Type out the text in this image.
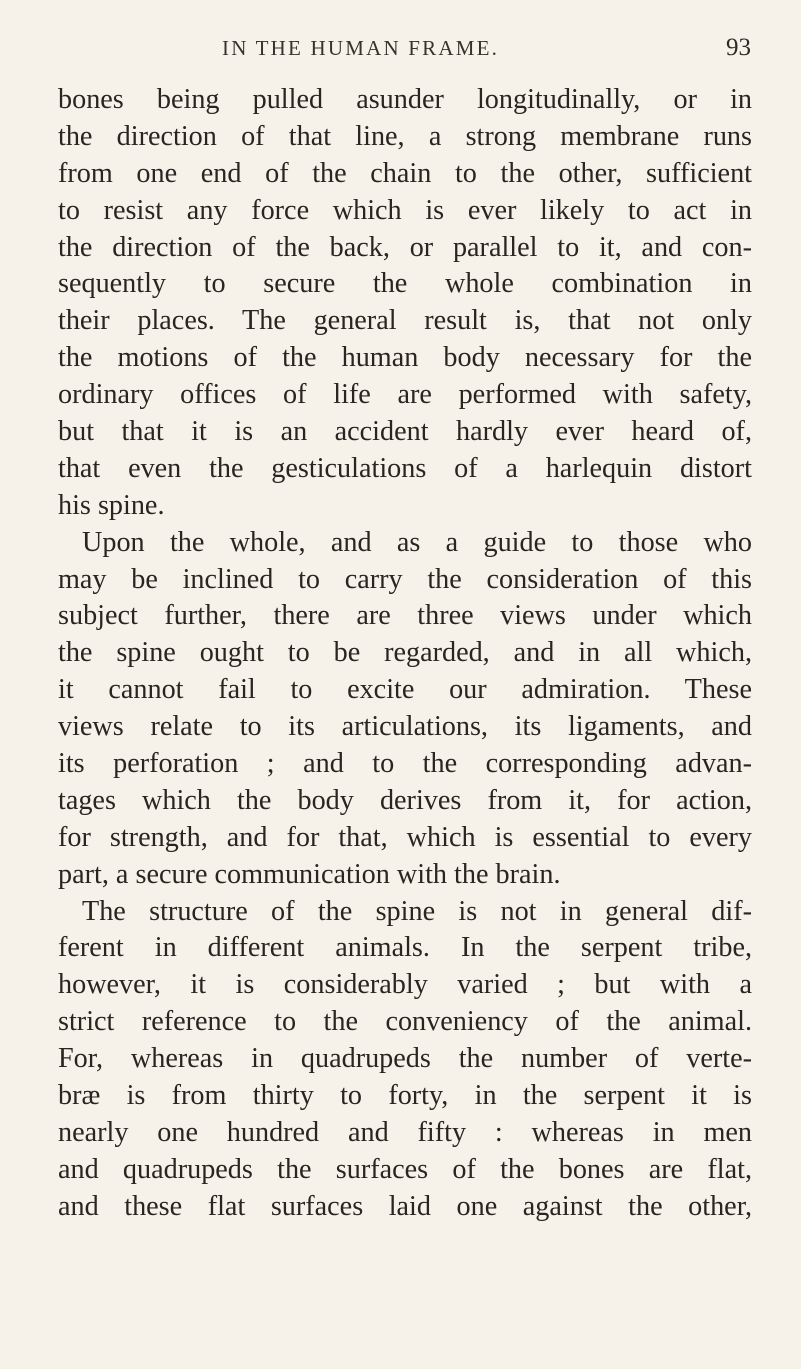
IN THE HUMAN FRAME.	93
bones being pulled asunder longitudinally, or in
the direction of that line, a strong membrane runs
from one end of the chain to the other, sufficient
to resist any force which is ever likely to act in
the direction of the back, or parallel to it, and con-
sequently to secure the whole combination in
their places. The general result is, that not only
the motions of the human body necessary for the
ordinary offices of life are performed with safety,
but that it is an accident hardly ever heard of,
that even the gesticulations of a harlequin distort
his spine.
Upon the whole, and as a guide to those who
may be inclined to carry the consideration of this
subject further, there are three views under which
the spine ought to be regarded, and in all which,
it cannot fail to excite our admiration. These
views relate to its articulations, its ligaments, and
its perforation ; and to the corresponding advan-
tages which the body derives from it, for action,
for strength, and for that, which is essential to every
part, a secure communication with the brain.
The structure of the spine is not in general dif-
ferent in different animals. In the serpent tribe,
however, it is considerably varied ; but with a
strict reference to the conveniency of the animal.
For, whereas in quadrupeds the number of verte-
bræ is from thirty to forty, in the serpent it is
nearly one hundred and fifty : whereas in men
and quadrupeds the surfaces of the bones are flat,
and these flat surfaces laid one against the other,
